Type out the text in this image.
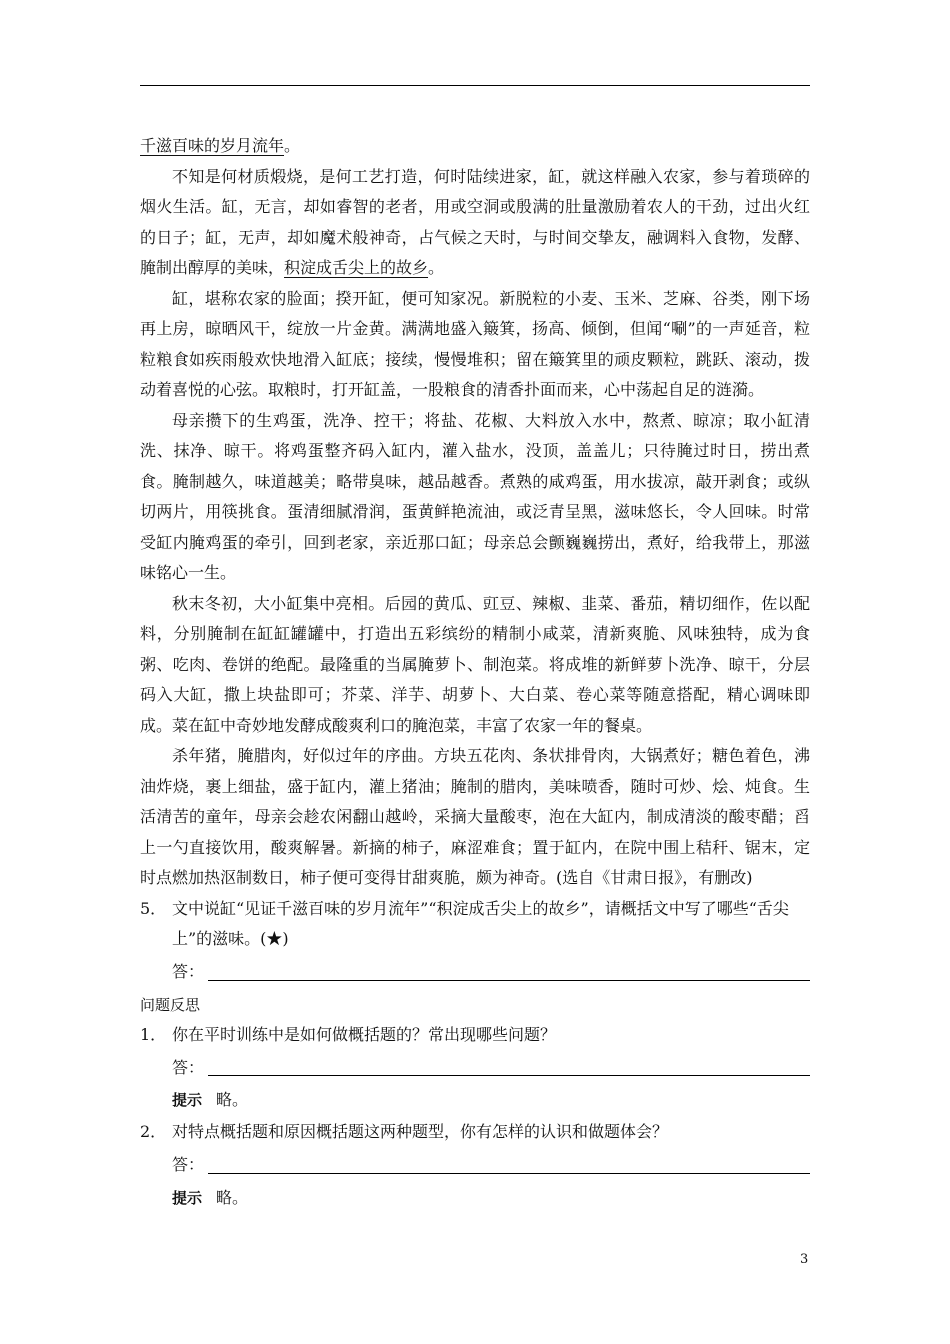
千滋百味的岁月流年。

不知是何材质煅烧，是何工艺打造，何时陆续进家，缸，就这样融入农家，参与着琐碎的烟火生活。缸，无言，却如睿智的老者，用或空洞或殷满的肚量激励着农人的干劲，过出火红的日子；缸，无声，却如魔术般神奇，占气候之天时，与时间交挚友，融调料入食物，发酵、腌制出醇厚的美味，积淀成舌尖上的故乡。

缸，堪称农家的脸面；揆开缸，便可知家况。新脱粒的小麦、玉米、芝麻、谷类，刚下场再上房，晾晒风干，绽放一片金黄。满满地盛入簸箕，扬高、倾倒，但闻“唰”的一声延音，粒粒粮食如疾雨般欢快地滑入缸底；接续，慢慢堆积；留在簸箕里的顽皮颗粒，跳跃、滚动，拨动着喜悦的心弦。取粮时，打开缸盖，一股粮食的清香扑面而来，心中荡起自足的涟漪。

母亲攒下的生鸡蛋，洗净、控干；将盐、花椒、大料放入水中，熬煮、晾凉；取小缸清洗、抹净、晾干。将鸡蛋整齐码入缸内，灌入盐水，没顶，盖盖儿；只待腌过时日，捞出煮食。腌制越久，味道越美；略带臭味，越品越香。煮熟的咸鸡蛋，用水拔凉，敲开剥食；或纵切两片，用筷挑食。蛋清细腻滑润，蛋黄鲜艳流油，或泛青呈黑，滋味悠长，令人回味。时常受缸内腌鸡蛋的牵引，回到老家，亲近那口缸；母亲总会颤巍巍捞出，煮好，给我带上，那滋味铭心一生。

秋末冬初，大小缸集中亮相。后园的黄瓜、豇豆、辣椒、韭菜、番茄，精切细作，佐以配料，分别腌制在缸缸罐罐中，打造出五彩缤纷的精制小咸菜，清新爽脆、风味独特，成为食粥、吃肉、卷饼的绝配。最隆重的当属腌萝卜、制泡菜。将成堆的新鲜萝卜洗净、晾干，分层码入大缸，撒上块盐即可；芥菜、洋芋、胡萝卜、大白菜、卷心菜等随意搭配，精心调味即成。菜在缸中奇妙地发酵成酸爽利口的腌泡菜，丰富了农家一年的餐桌。

杀年猪，腌腊肉，好似过年的序曲。方块五花肉、条状排骨肉，大锅煮好；糖色着色，沸油炸烧，裹上细盐，盛于缸内，灌上猪油；腌制的腊肉，美味喷香，随时可炒、烩、炖食。生活清苦的童年，母亲会趁农闲翻山越岭，采摘大量酸枣，泡在大缸内，制成清淡的酸枣醋；舀上一勺直接饮用，酸爽解暑。新摘的柿子，麻涩难食；置于缸内，在院中围上秸秆、锯末，定时点燃加热沤制数日，柿子便可变得甘甜爽脆，颇为神奇。(选自《甘肃日报》，有删改)

5． 文中说缸“见证千滋百味的岁月流年”“积淀成舌尖上的故乡”，请概括文中写了哪些“舌尖上”的滋味。(★)

答：

问题反思

1． 你在平时训练中是如何做概括题的？常出现哪些问题？

答：

提示 略。

2． 对特点概括题和原因概括题这两种题型，你有怎样的认识和做题体会？

答：

提示 略。

3
